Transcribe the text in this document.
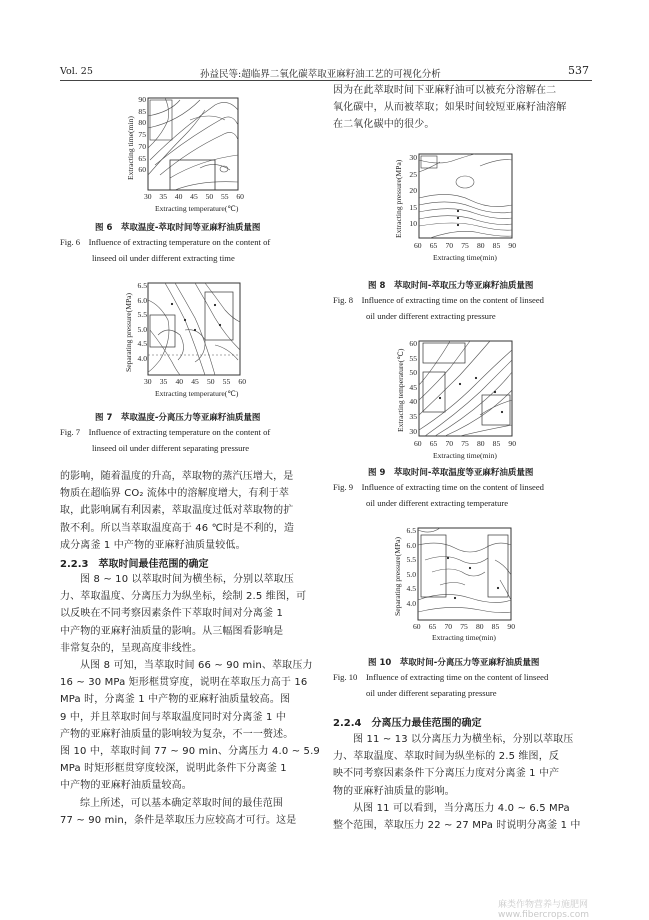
Vol. 25	孙益民等:超临界二氧化碳萃取亚麻籽油工艺的可视化分析	537
90
85
80
75
70
65
60
30 35 40 45 50 55 60
Extracting temperature(℃)
Extracting time(min)
图 6　萃取温度-萃取时间等亚麻籽油质量图
Fig. 6　Influence of extracting temperature on the content of
linseed oil under different extracting time
6.5
6.0
5.5
5.0
4.5
4.0
30 35 40 45 50 55 60
Extracting temperature(℃)
Separating pressure(MPa)
图 7　萃取温度-分离压力等亚麻籽油质量图
Fig. 7　Influence of extracting temperature on the content of
linseed oil under different separating pressure
的影响，随着温度的升高，萃取物的蒸汽压增大，是
物质在超临界 CO₂ 流体中的溶解度增大，有利于萃
取，此影响属有利因素，萃取温度过低对萃取物的扩
散不利。所以当萃取温度高于 46 ℃时是不利的，造
成分离釜 1 中产物的亚麻籽油质量较低。
2.2.3　萃取时间最佳范围的确定
图 8 ~ 10 以萃取时间为横坐标，分别以萃取压
力、萃取温度、分离压力为纵坐标，绘制 2.5 维图，可
以反映在不同考察因素条件下萃取时间对分离釜 1
中产物的亚麻籽油质量的影响。从三幅图看影响是
非常复杂的，呈现高度非线性。
从图 8 可知，当萃取时间 66 ~ 90 min、萃取压力
16 ~ 30 MPa 矩形框贯穿度，说明在萃取压力高于 16
MPa 时，分离釜 1 中产物的亚麻籽油质量较高。图
9 中，并且萃取时间与萃取温度同时对分离釜 1 中
产物的亚麻籽油质量的影响较为复杂，不一一赘述。
图 10 中，萃取时间 77 ~ 90 min、分离压力 4.0 ~ 5.9
MPa 时矩形框贯穿度较深，说明此条件下分离釜 1
中产物的亚麻籽油质量较高。
综上所述，可以基本确定萃取时间的最佳范围
77 ~ 90 min，条件是萃取压力应较高才可行。这是
因为在此萃取时间下亚麻籽油可以被充分溶解在二
氧化碳中，从而被萃取；如果时间较短亚麻籽油溶解
在二氧化碳中的很少。
30
25
20
15
10
60 65 70 75 80 85 90
Extracting time(min)
Extracting pressure(MPa)
图 8　萃取时间-萃取压力等亚麻籽油质量图
Fig. 8　Influence of extracting time on the content of linseed
oil under different extracting pressure
60
55
50
45
40
35
30
60 65 70 75 80 85 90
Extracting time(min)
Extracting temperature(℃)
图 9　萃取时间-萃取温度等亚麻籽油质量图
Fig. 9　Influence of extracting time on the content of linseed
oil under different extracting temperature
6.5
6.0
5.5
5.0
4.5
4.0
60 65 70 75 80 85 90
Extracting time(min)
Separating pressure(MPa)
图 10　萃取时间-分离压力等亚麻籽油质量图
Fig. 10　Influence of extracting time on the content of linseed
oil under different separating pressure
2.2.4　分离压力最佳范围的确定
图 11 ~ 13 以分离压力为横坐标，分别以萃取压
力、萃取温度、萃取时间为纵坐标的 2.5 维图，反
映不同考察因素条件下分离压力度对分离釜 1 中产
物的亚麻籽油质量的影响。
从图 11 可以看到，当分离压力 4.0 ~ 6.5 MPa
整个范围，萃取压力 22 ~ 27 MPa 时说明分离釜 1 中
麻类作物营养与施肥网 www.fibercrops.com
